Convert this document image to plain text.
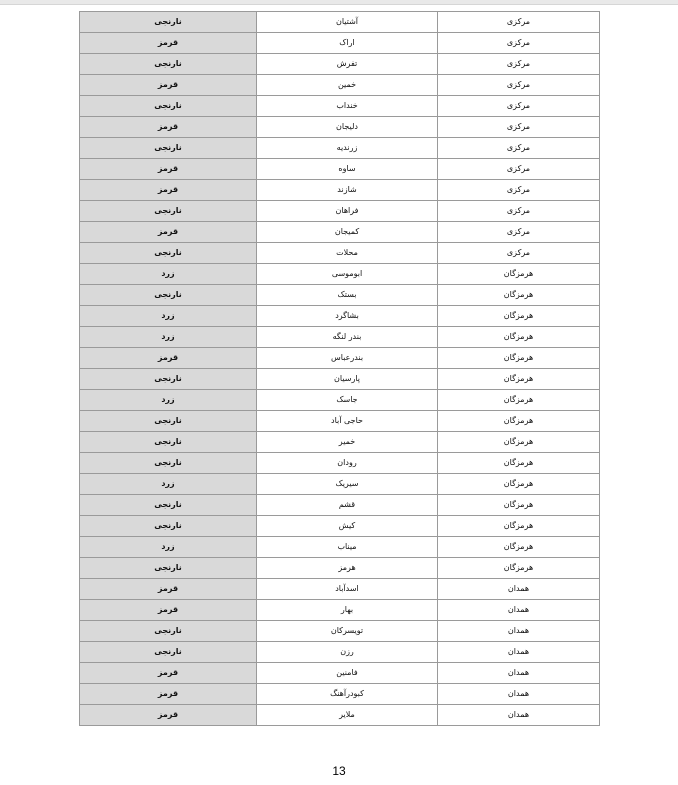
نارنجی	آشتیان	مرکزی
قرمز	اراک	مرکزی
نارنجی	تفرش	مرکزی
قرمز	خمین	مرکزی
نارنجی	خنداب	مرکزی
قرمز	دلیجان	مرکزی
نارنجی	زرندیه	مرکزی
قرمز	ساوه	مرکزی
قرمز	شازند	مرکزی
نارنجی	فراهان	مرکزی
قرمز	کمیجان	مرکزی
نارنجی	محلات	مرکزی
زرد	ابوموسی	هرمزگان
نارنجی	بستک	هرمزگان
زرد	بشاگرد	هرمزگان
زرد	بندر لنگه	هرمزگان
قرمز	بندرعباس	هرمزگان
نارنجی	پارسیان	هرمزگان
زرد	جاسک	هرمزگان
نارنجی	حاجی آباد	هرمزگان
نارنجی	خمیر	هرمزگان
نارنجی	رودان	هرمزگان
زرد	سیریک	هرمزگان
نارنجی	قشم	هرمزگان
نارنجی	کیش	هرمزگان
زرد	میناب	هرمزگان
نارنجی	هرمز	هرمزگان
قرمز	اسدآباد	همدان
قرمز	بهار	همدان
نارنجی	تویسرکان	همدان
نارنجی	رزن	همدان
قرمز	فامنین	همدان
قرمز	کبودرآهنگ	همدان
قرمز	ملایر	همدان
13
